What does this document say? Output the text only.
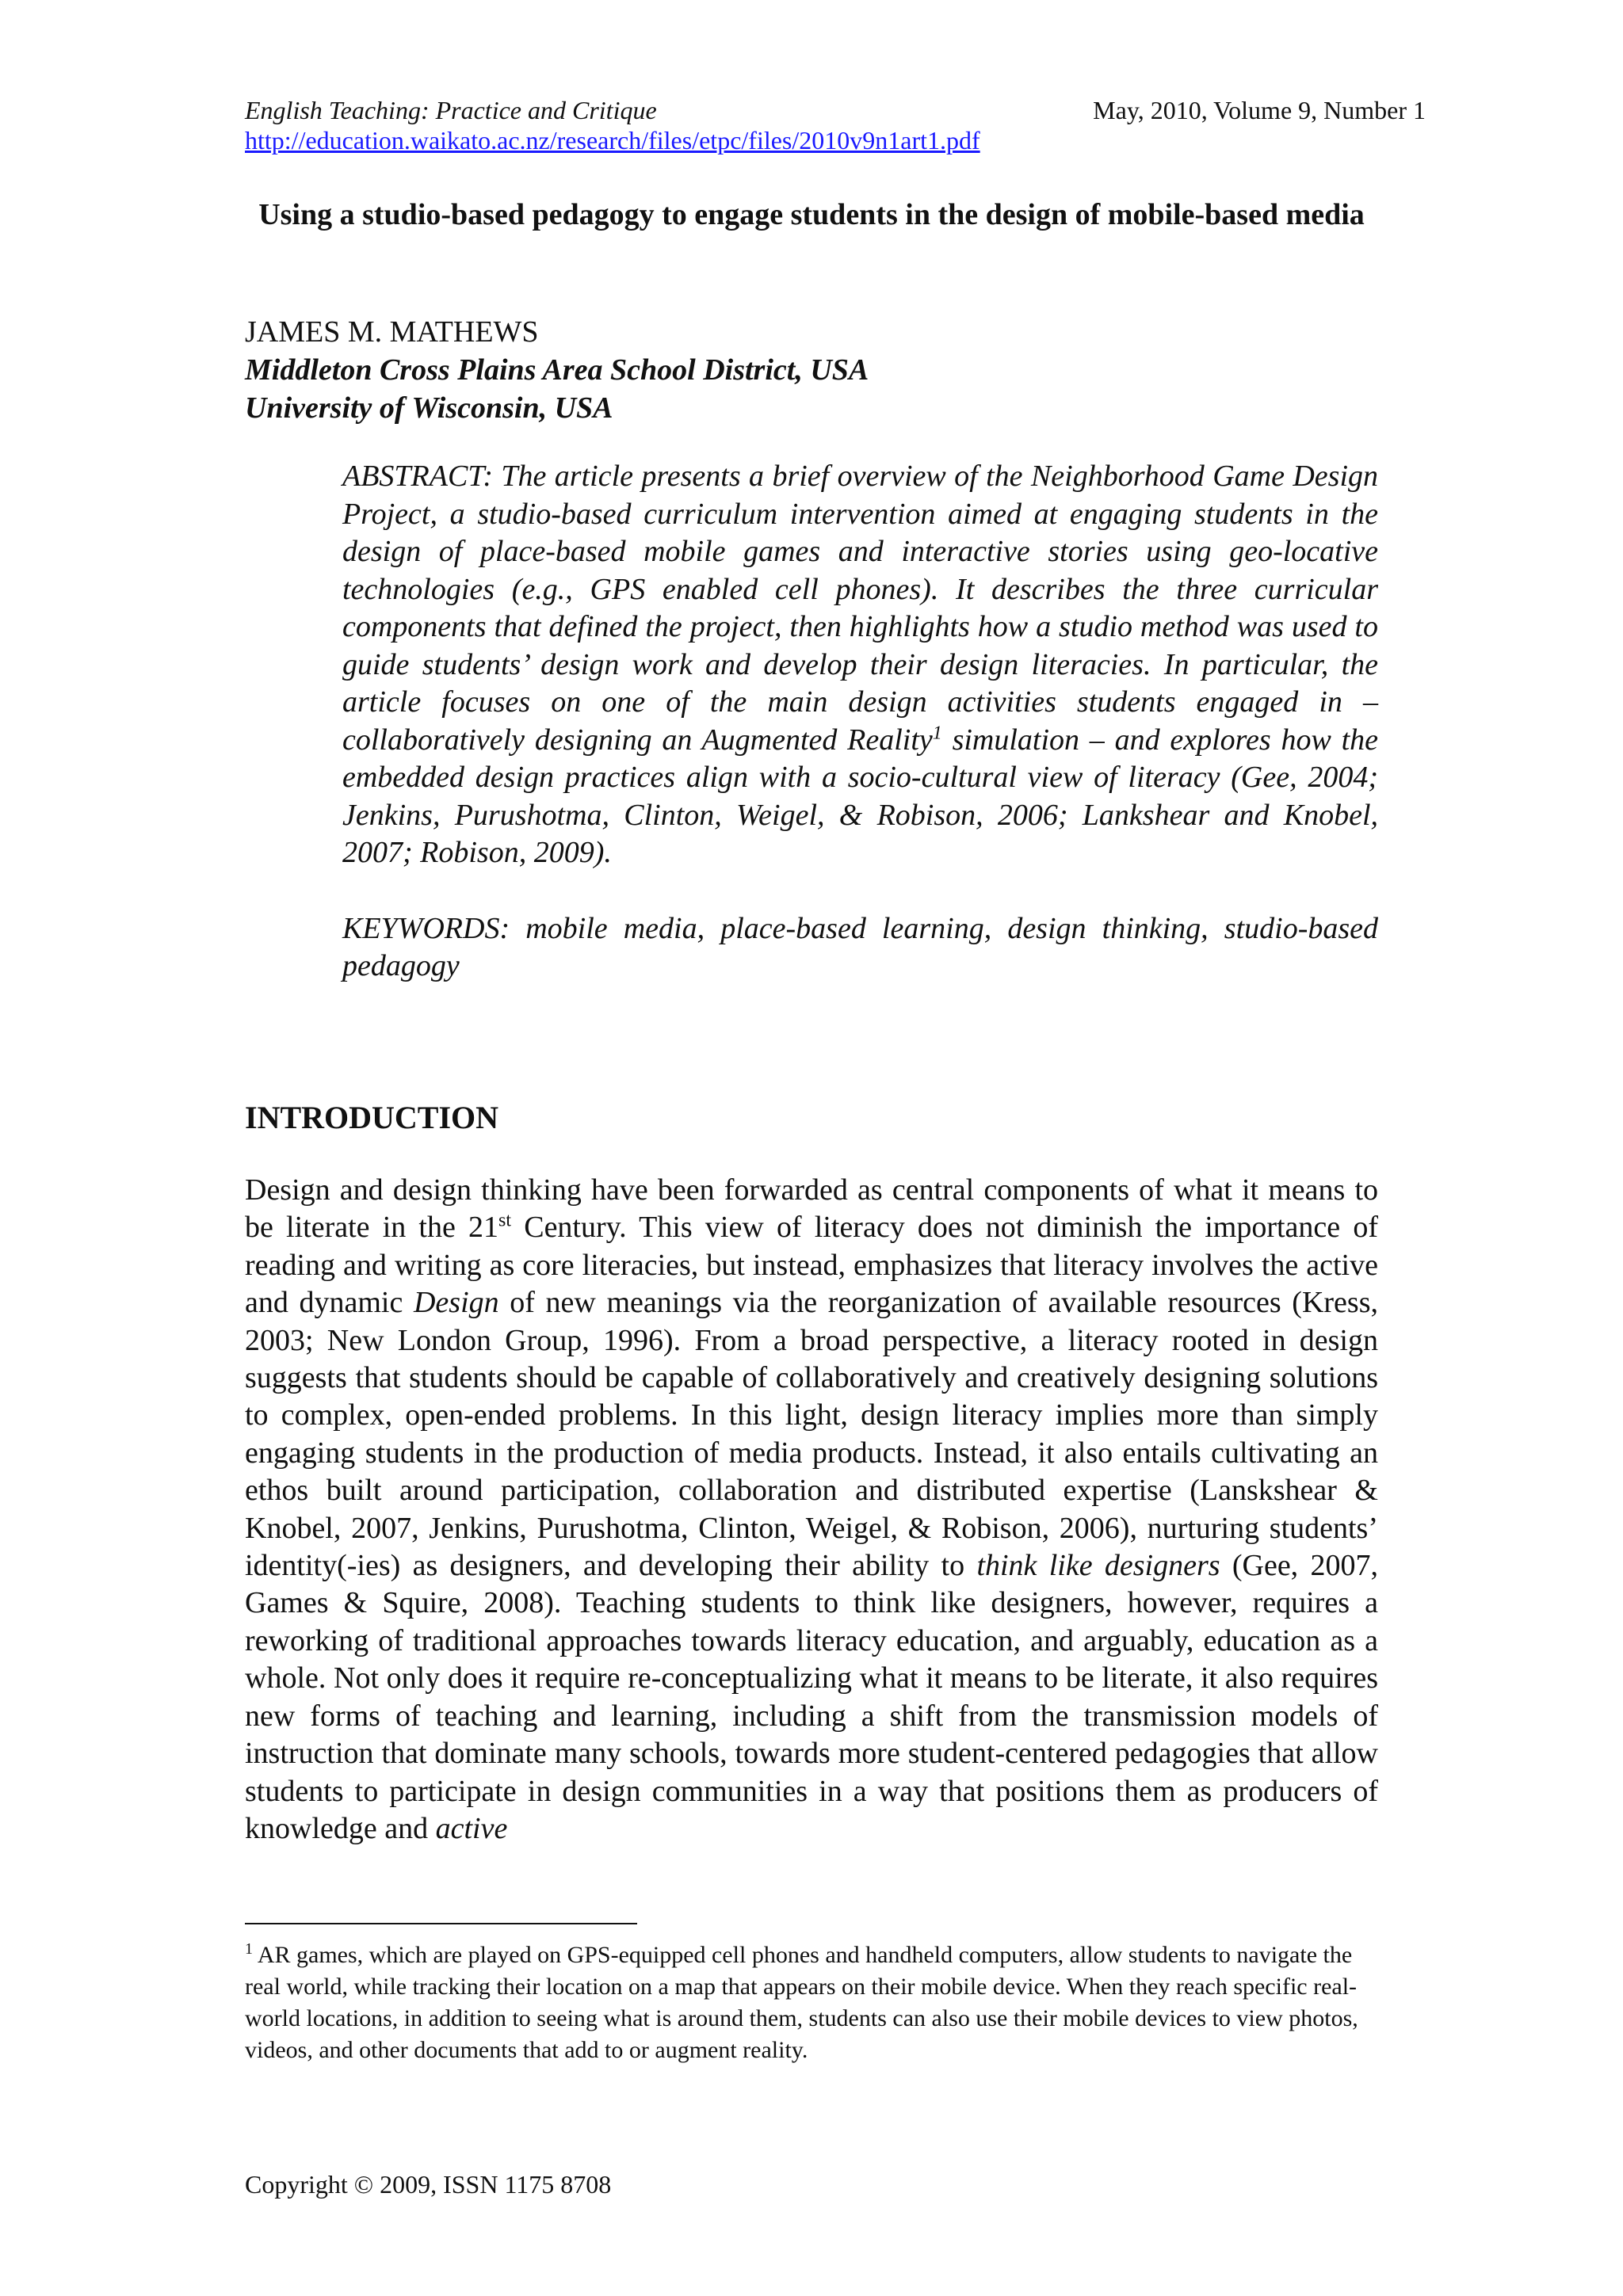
English Teaching: Practice and Critique	May, 2010, Volume 9, Number 1
http://education.waikato.ac.nz/research/files/etpc/files/2010v9n1art1.pdf
Using a studio-based pedagogy to engage students in the design of mobile-based media
JAMES M. MATHEWS
Middleton Cross Plains Area School District, USA
University of Wisconsin, USA

ABSTRACT: The article presents a brief overview of the Neighborhood Game Design Project, a studio-based curriculum intervention aimed at engaging students in the design of place-based mobile games and interactive stories using geo-locative technologies (e.g., GPS enabled cell phones). It describes the three curricular components that defined the project, then highlights how a studio method was used to guide students’ design work and develop their design literacies. In particular, the article focuses on one of the main design activities students engaged in – collaboratively designing an Augmented Reality$^1$ simulation – and explores how the embedded design practices align with a socio-cultural view of literacy (Gee, 2004; Jenkins, Purushotma, Clinton, Weigel, & Robison, 2006; Lankshear and Knobel, 2007; Robison, 2009).

KEYWORDS: mobile media, place-based learning, design thinking, studio-based pedagogy

INTRODUCTION

Design and design thinking have been forwarded as central components of what it means to be literate in the 21st Century. This view of literacy does not diminish the importance of reading and writing as core literacies, but instead, emphasizes that literacy involves the active and dynamic Design of new meanings via the reorganization of available resources (Kress, 2003; New London Group, 1996). From a broad perspective, a literacy rooted in design suggests that students should be capable of collaboratively and creatively designing solutions to complex, open-ended problems. In this light, design literacy implies more than simply engaging students in the production of media products. Instead, it also entails cultivating an ethos built around participation, collaboration and distributed expertise (Lanskshear & Knobel, 2007, Jenkins, Purushotma, Clinton, Weigel, & Robison, 2006), nurturing students’ identity(-ies) as designers, and developing their ability to think like designers (Gee, 2007, Games & Squire, 2008). Teaching students to think like designers, however, requires a reworking of traditional approaches towards literacy education, and arguably, education as a whole. Not only does it require re-conceptualizing what it means to be literate, it also requires new forms of teaching and learning, including a shift from the transmission models of instruction that dominate many schools, towards more student-centered pedagogies that allow students to participate in design communities in a way that positions them as producers of knowledge and active

$^1$ AR games, which are played on GPS-equipped cell phones and handheld computers, allow students to navigate the real world, while tracking their location on a map that appears on their mobile device. When they reach specific real-world locations, in addition to seeing what is around them, students can also use their mobile devices to view photos, videos, and other documents that add to or augment reality.

Copyright © 2009, ISSN 1175 8708
